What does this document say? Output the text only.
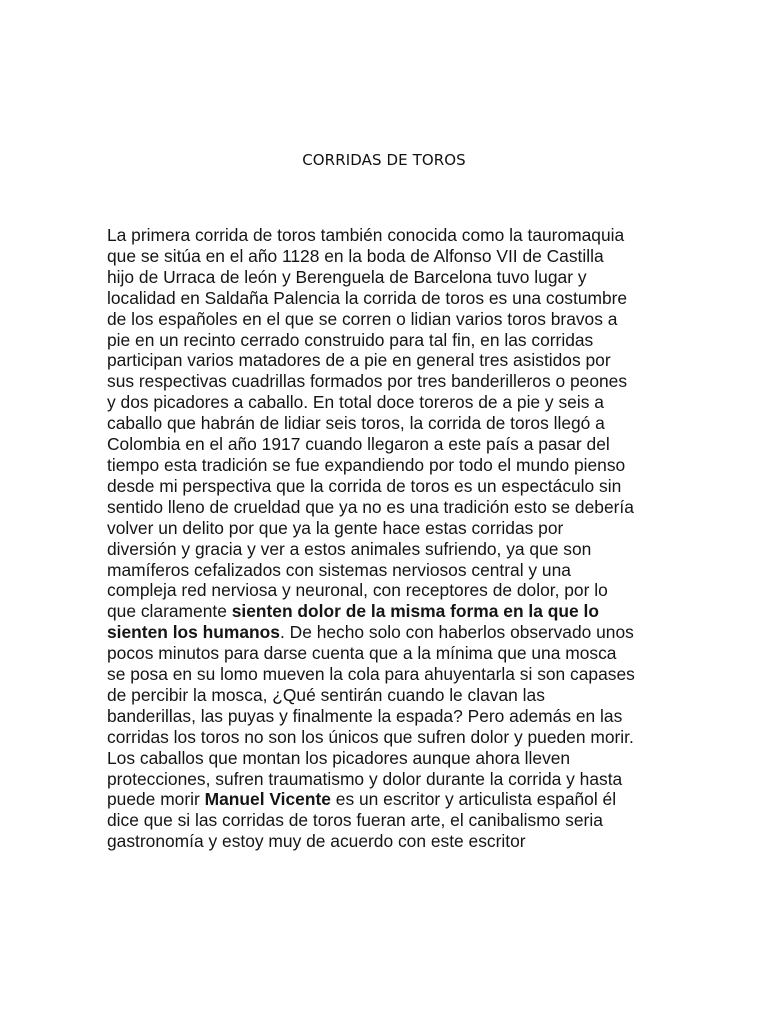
CORRIDAS DE TOROS
La primera corrida de toros también conocida como la tauromaquia
que se sitúa en el año 1128 en la boda de Alfonso VII de Castilla
hijo de Urraca de león y Berenguela de Barcelona tuvo lugar y
localidad en Saldaña Palencia la corrida de toros es una costumbre
de los españoles en el que se corren o lidian varios toros bravos a
pie en un recinto cerrado construido para tal fin, en las corridas
participan varios matadores de a pie en general tres asistidos por
sus respectivas cuadrillas formados por tres banderilleros o peones
y dos picadores a caballo. En total doce toreros de a pie y seis a
caballo que habrán de lidiar seis toros, la corrida de toros llegó a
Colombia en el año 1917 cuando llegaron a este país a pasar del
tiempo esta tradición se fue expandiendo por todo el mundo pienso
desde mi perspectiva que la corrida de toros es un espectáculo sin
sentido lleno de crueldad que ya no es una tradición esto se debería
volver un delito por que ya la gente hace estas corridas por
diversión y gracia y ver a estos animales sufriendo, ya que son
mamíferos cefalizados con sistemas nerviosos central y una
compleja red nerviosa y neuronal, con receptores de dolor, por lo
que claramente sienten dolor de la misma forma en la que lo
sienten los humanos. De hecho solo con haberlos observado unos
pocos minutos para darse cuenta que a la mínima que una mosca
se posa en su lomo mueven la cola para ahuyentarla si son capases
de percibir la mosca, ¿Qué sentirán cuando le clavan las
banderillas, las puyas y finalmente la espada? Pero además en las
corridas los toros no son los únicos que sufren dolor y pueden morir.
Los caballos que montan los picadores aunque ahora lleven
protecciones, sufren traumatismo y dolor durante la corrida y hasta
puede morir Manuel Vicente es un escritor y articulista español él
dice que si las corridas de toros fueran arte, el canibalismo seria
gastronomía y estoy muy de acuerdo con este escritor
